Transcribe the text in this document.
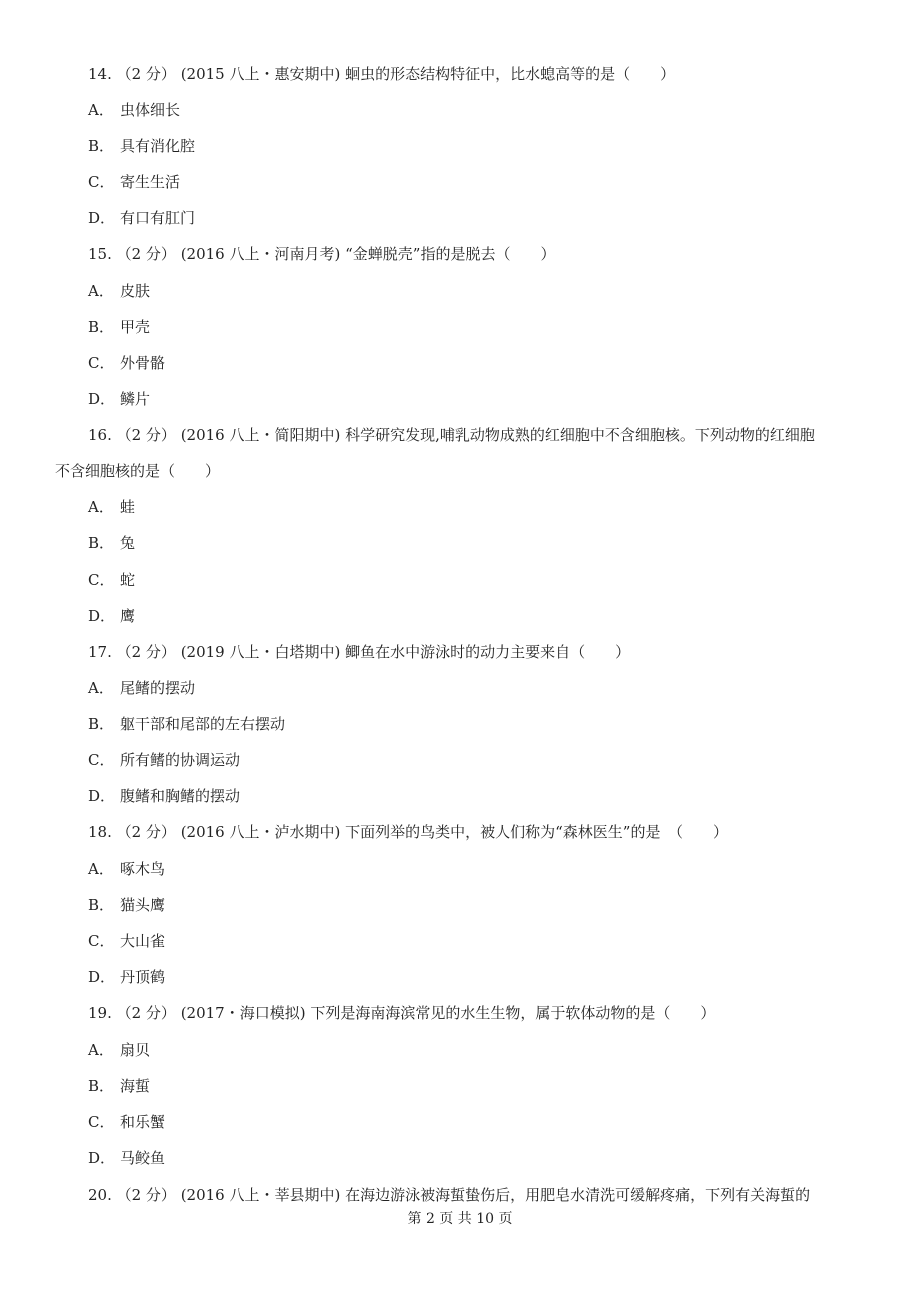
14. （2 分） (2015 八上・惠安期中) 蛔虫的形态结构特征中，比水螅高等的是（　　）
A． 虫体细长
B． 具有消化腔
C． 寄生生活
D． 有口有肛门
15. （2 分） (2016 八上・河南月考) “金蝉脱壳”指的是脱去（　　）
A． 皮肤
B． 甲壳
C． 外骨骼
D． 鳞片
16. （2 分） (2016 八上・简阳期中) 科学研究发现,哺乳动物成熟的红细胞中不含细胞核。下列动物的红细胞
不含细胞核的是（　　）
A． 蛙
B． 兔
C． 蛇
D． 鹰
17. （2 分） (2019 八上・白塔期中) 鲫鱼在水中游泳时的动力主要来自（　　）
A． 尾鳍的摆动
B． 躯干部和尾部的左右摆动
C． 所有鳍的协调运动
D． 腹鳍和胸鳍的摆动
18. （2 分） (2016 八上・泸水期中) 下面列举的鸟类中，被人们称为“森林医生”的是　（　　）
A． 啄木鸟
B． 猫头鹰
C． 大山雀
D． 丹顶鹤
19. （2 分） (2017・海口模拟) 下列是海南海滨常见的水生生物，属于软体动物的是（　　）
A． 扇贝
B． 海蜇
C． 和乐蟹
D． 马鲛鱼
20. （2 分） (2016 八上・莘县期中) 在海边游泳被海蜇蛰伤后，用肥皂水清洗可缓解疼痛，下列有关海蜇的
第 2 页 共 10 页
